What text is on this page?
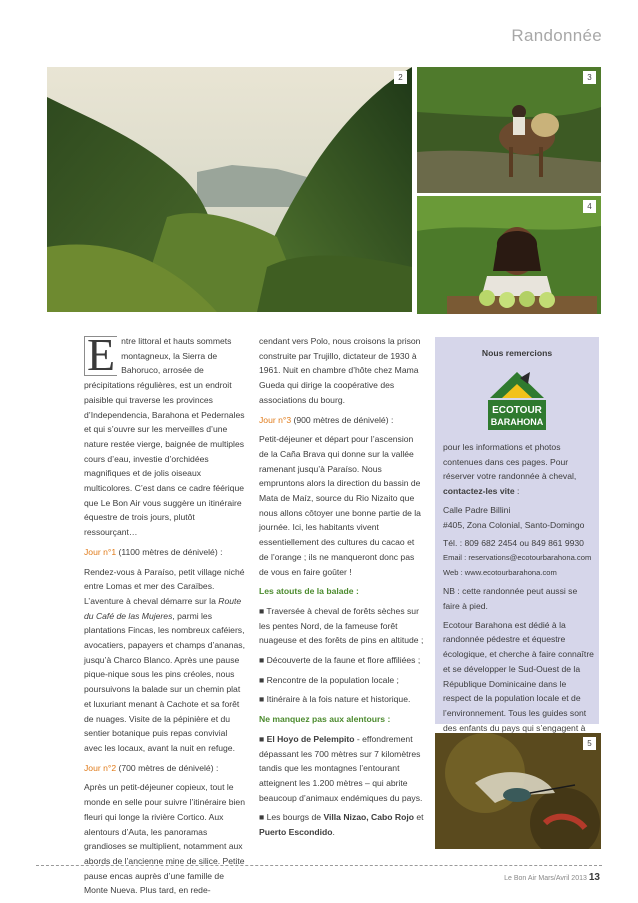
Randonnée
2	3
4

E ntre littoral et hauts sommets montagneux, la Sierra de Bahoruco, arrosée de précipitations régulières, est un endroit paisible qui traverse les provinces d’Independencia, Barahona et Pedernales et qui s’ouvre sur les merveilles d’une nature restée vierge, baignée de multiples cours d’eau, investie d’orchidées magnifiques et de jolis oiseaux multicolores. C’est dans ce cadre féérique que Le Bon Air vous suggère un itinéraire équestre de trois jours, plutôt ressourçant…

Jour n°1 (1100 mètres de dénivelé) :

Rendez-vous à Paraíso, petit village niché entre Lomas et mer des Caraïbes. L’aventure à cheval démarre sur la Route du Café de las Mujeres, parmi les plantations Fincas, les nombreux caféiers, avocatiers, papayers et champs d’ananas, jusqu’à Charco Blanco. Après une pause pique-nique sous les pins créoles, nous poursuivons la balade sur un chemin plat et luxuriant menant à Cachote et sa forêt de nuages. Visite de la pépinière et du sentier botanique puis repas convivial avec les locaux, avant la nuit en refuge.

Jour n°2 (700 mètres de dénivelé) :

Après un petit-déjeuner copieux, tout le monde en selle pour suivre l’itinéraire bien fleuri qui longe la rivière Cortico. Aux alentours d’Auta, les panoramas grandioses se multiplient, notamment aux abords de l’ancienne mine de silice. Petite pause encas auprès d’une famille de Monte Nueva. Plus tard, en rede-

cendant vers Polo, nous croisons la prison construite par Trujillo, dictateur de 1930 à 1961. Nuit en chambre d’hôte chez Mama Gueda qui dirige la coopérative des associations du bourg.

Jour n°3 (900 mètres de dénivelé) :

Petit-déjeuner et départ pour l’ascension de la Caña Brava qui donne sur la vallée ramenant jusqu’à Paraíso. Nous empruntons alors la direction du bassin de Mata de Maíz, source du Rio Nizaito que nous allons côtoyer une bonne partie de la journée. Ici, les habitants vivent essentiellement des cultures du cacao et de l’orange ; ils ne manqueront donc pas de vous en faire goûter !

Les atouts de la balade :

■ Traversée à cheval de forêts sèches sur les pentes Nord, de la fameuse forêt nuageuse et des forêts de pins en altitude ;

■ Découverte de la faune et flore affiliées ;

■ Rencontre de la population locale ;

■ Itinéraire à la fois nature et historique.

Ne manquez pas aux alentours :

■ El Hoyo de Pelempito - effondrement dépassant les 700 mètres sur 7 kilomètres tandis que les montagnes l’entourant atteignent les 1.200 mètres – qui abrite beaucoup d’animaux endémiques du pays.

■ Les bourgs de Villa Nizao, Cabo Rojo et Puerto Escondido.

Nous remercions
ECOTOUR
BARAHONA

pour les informations et photos contenues dans ces pages. Pour réserver votre randonnée à cheval, contactez-les vite :

Calle Padre Billini

#405, Zona Colonial, Santo-Domingo

Tél. : 809 682 2454 ou 849 861 9930

Email : reservations@ecotourbarahona.com

Web : www.ecotourbarahona.com

NB : cette randonnée peut aussi se faire à pied.

Ecotour Barahona est dédié à la randonnée pédestre et équestre écologique, et cherche à faire connaître et se développer le Sud-Ouest de la République Dominicaine dans le respect de la population locale et de l’environnement. Tous les guides sont des enfants du pays qui s’engagent à

5
Le Bon Air Mars/Avril 2013 13
